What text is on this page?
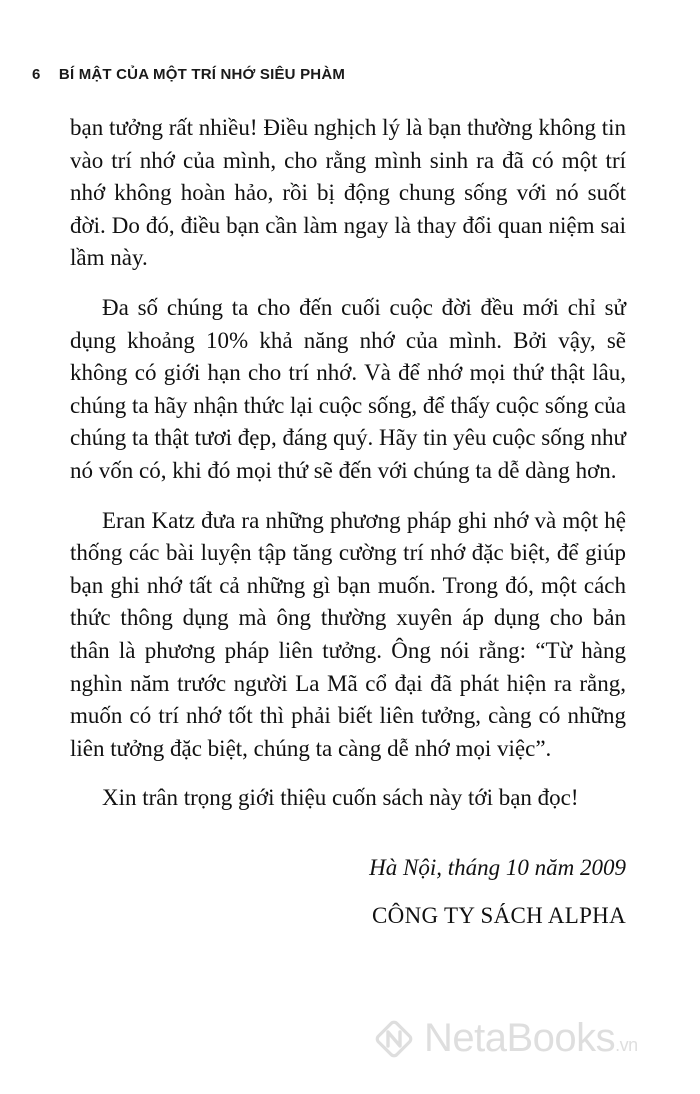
6 BÍ MẬT CỦA MỘT TRÍ NHỚ SIÊU PHÀM

bạn tưởng rất nhiều! Điều nghịch lý là bạn thường không tin vào trí nhớ của mình, cho rằng mình sinh ra đã có một trí nhớ không hoàn hảo, rồi bị động chung sống với nó suốt đời. Do đó, điều bạn cần làm ngay là thay đổi quan niệm sai lầm này.

Đa số chúng ta cho đến cuối cuộc đời đều mới chỉ sử dụng khoảng 10% khả năng nhớ của mình. Bởi vậy, sẽ không có giới hạn cho trí nhớ. Và để nhớ mọi thứ thật lâu, chúng ta hãy nhận thức lại cuộc sống, để thấy cuộc sống của chúng ta thật tươi đẹp, đáng quý. Hãy tin yêu cuộc sống như nó vốn có, khi đó mọi thứ sẽ đến với chúng ta dễ dàng hơn.

Eran Katz đưa ra những phương pháp ghi nhớ và một hệ thống các bài luyện tập tăng cường trí nhớ đặc biệt, để giúp bạn ghi nhớ tất cả những gì bạn muốn. Trong đó, một cách thức thông dụng mà ông thường xuyên áp dụng cho bản thân là phương pháp liên tưởng. Ông nói rằng: “Từ hàng nghìn năm trước người La Mã cổ đại đã phát hiện ra rằng, muốn có trí nhớ tốt thì phải biết liên tưởng, càng có những liên tưởng đặc biệt, chúng ta càng dễ nhớ mọi việc”.

Xin trân trọng giới thiệu cuốn sách này tới bạn đọc!

Hà Nội, tháng 10 năm 2009
CÔNG TY SÁCH ALPHA
NetaBooks.vn
